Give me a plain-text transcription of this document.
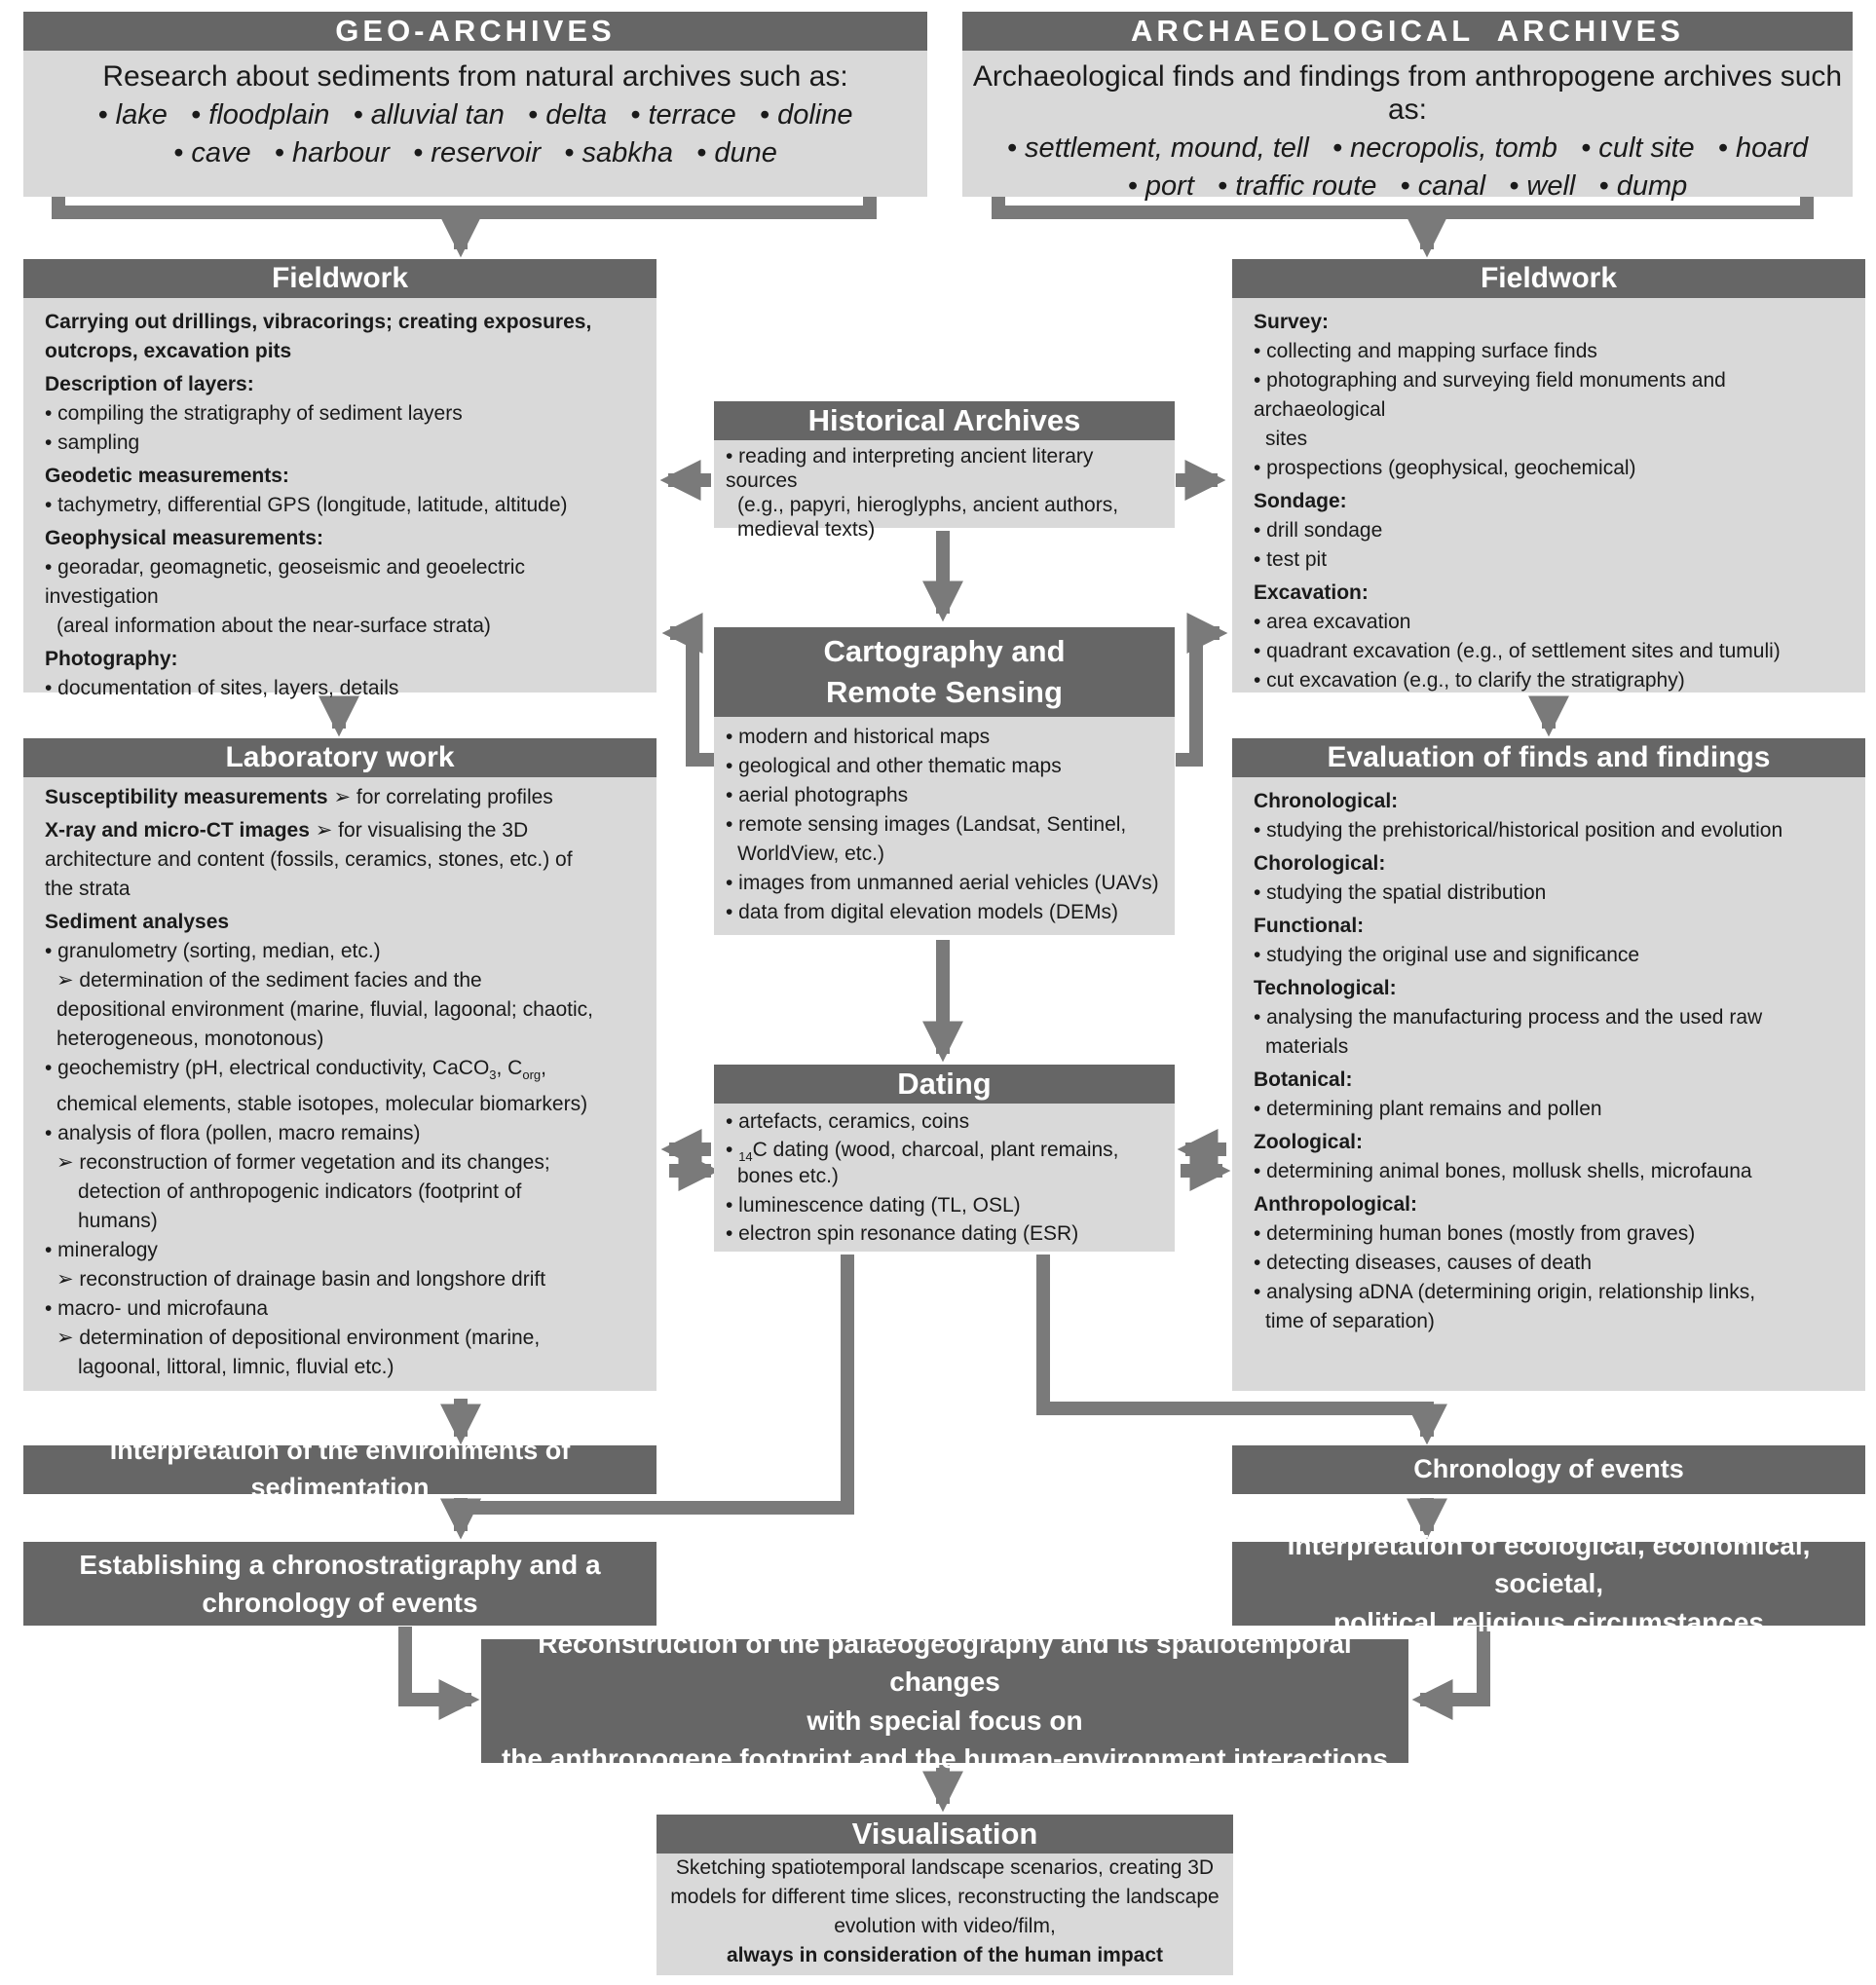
GEO-ARCHIVES
Research about sediments from natural archives such as:
• lake   • floodplain   • alluvial tan   • delta   • terrace   • doline
• cave   • harbour   • reservoir   • sabkha   • dune
ARCHAEOLOGICAL  ARCHIVES
Archaeological finds and findings from anthropogene archives such as:
• settlement, mound, tell   • necropolis, tomb   • cult site   • hoard
• port   • traffic route   • canal   • well   • dump
Fieldwork
Carrying out drillings, vibracorings; creating exposures,
outcrops, excavation pits
Description of layers:
• compiling the stratigraphy of sediment layers
• sampling
Geodetic measurements:
• tachymetry, differential GPS (longitude, latitude, altitude)
Geophysical measurements:
• georadar, geomagnetic, geoseismic and geoelectric investigation
(areal information about the near-surface strata)
Photography:
• documentation of sites, layers, details
Fieldwork
Survey:
• collecting and mapping surface finds
• photographing and surveying field monuments and archaeological
sites
• prospections (geophysical, geochemical)
Sondage:
• drill sondage
• test pit
Excavation:
• area excavation
• quadrant excavation (e.g., of settlement sites and tumuli)
• cut excavation (e.g., to clarify the stratigraphy)
Historical Archives
• reading and interpreting ancient literary sources
(e.g., papyri, hieroglyphs, ancient authors,
medieval texts)
Cartography and
Remote Sensing
• modern and historical maps
• geological and other thematic maps
• aerial photographs
• remote sensing images (Landsat, Sentinel,
WorldView, etc.)
• images from unmanned aerial vehicles (UAVs)
• data from digital elevation models (DEMs)
Laboratory work
Susceptibility measurements ➢ for correlating profiles
X-ray and micro-CT images ➢ for visualising the 3D
architecture and content (fossils, ceramics, stones, etc.) of
the strata
Sediment analyses
• granulometry (sorting, median, etc.)
➢ determination of the sediment facies and the
depositional environment (marine, fluvial, lagoonal; chaotic,
heterogeneous, monotonous)
• geochemistry (pH, electrical conductivity, CaCO$_3$, $C_{org}$,
chemical elements, stable isotopes, molecular biomarkers)
• analysis of flora (pollen, macro remains)
➢ reconstruction of former vegetation and its changes;
detection of anthropogenic indicators (footprint of
humans)
• mineralogy
➢ reconstruction of drainage basin and longshore drift
• macro- und microfauna
➢ determination of depositional environment (marine,
lagoonal, littoral, limnic, fluvial etc.)
Evaluation of finds and findings
Chronological:
• studying the prehistorical/historical position and evolution
Chorological:
• studying the spatial distribution
Functional:
• studying the original use and significance
Technological:
• analysing the manufacturing process and the used raw
materials
Botanical:
• determining plant remains and pollen
Zoological:
• determining animal bones, mollusk shells, microfauna
Anthropological:
• determining human bones (mostly from graves)
• detecting diseases, causes of death
• analysing aDNA (determining origin, relationship links,
time of separation)
Dating
• artefacts, ceramics, coins
• $_{14}$C dating (wood, charcoal, plant remains,
bones etc.)
• luminescence dating (TL, OSL)
• electron spin resonance dating (ESR)
Interpretation of the environments of sedimentation
Chronology of events
Establishing a chronostratigraphy and a
chronology of events
Interpretation of ecological, economical, societal,
political, religious circumstances
Reconstruction of the palaeogeography and its spatiotemporal changes
with special focus on
the anthropogene footprint and the human-environment interactions
Visualisation
Sketching spatiotemporal landscape scenarios, creating 3D
models for different time slices, reconstructing the landscape
evolution with video/film,
always in consideration of the human impact
